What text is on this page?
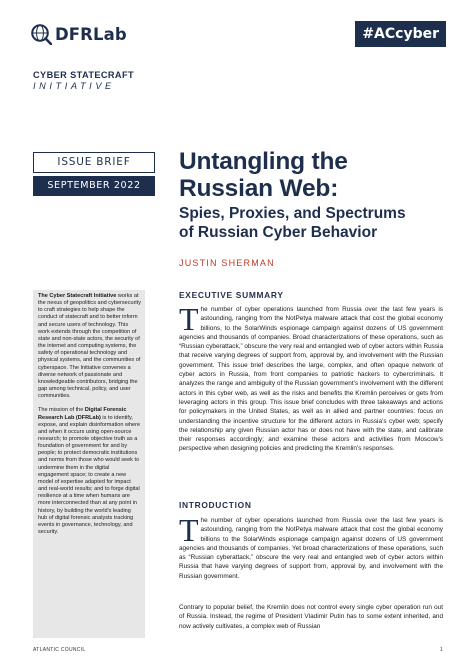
DFRLab	#ACcyber
CYBER STATECRAFT
INITIATIVE
ISSUE BRIEF
SEPTEMBER 2022
Untangling the
Russian Web:
Spies, Proxies, and Spectrums
of Russian Cyber Behavior
JUSTIN SHERMAN

The Cyber Statecraft Initiative works at the nexus of geopolitics and cybersecurity to craft strategies to help shape the conduct of statecraft and to better inform and secure users of technology. This work extends through the competition of state and non-state actors, the security of the internet and computing systems, the safety of operational technology and physical systems, and the communities of cyberspace. The Initiative convenes a diverse network of passionate and knowledgeable contributors, bridging the gap among technical, policy, and user communities.

The mission of the Digital Forensic Research Lab (DFRLab) is to identify, expose, and explain disinformation where and when it occurs using open-source research; to promote objective truth as a foundation of government for and by people; to protect democratic institutions and norms from those who would seek to undermine them in the digital engagement space; to create a new model of expertise adapted for impact and real-world results; and to forge digital resilience at a time when humans are more interconnected than at any point in history, by building the world's leading hub of digital forensic analysts tracking events in governance, technology, and security.

EXECUTIVE SUMMARY
The number of cyber operations launched from Russia over the last few years is astounding, ranging from the NotPetya malware attack that cost the global economy billions, to the SolarWinds espionage campaign against dozens of US government agencies and thousands of companies. Broad characterizations of these operations, such as “Russian cyberattack,” obscure the very real and entangled web of cyber actors within Russia that receive varying degrees of support from, approval by, and involvement with the Russian government. This issue brief describes the large, complex, and often opaque network of cyber actors in Russia, from front companies to patriotic hackers to cybercriminals. It analyzes the range and ambiguity of the Russian government’s involvement with the different actors in this cyber web, as well as the risks and benefits the Kremlin perceives or gets from leveraging actors in this group. This issue brief concludes with three takeaways and actions for policymakers in the United States, as well as in allied and partner countries: focus on understanding the incentive structure for the different actors in Russia’s cyber web; specify the relationship any given Russian actor has or does not have with the state, and calibrate their responses accordingly; and examine these actors and activities from Moscow’s perspective when designing policies and predicting the Kremlin’s responses.
INTRODUCTION
The number of cyber operations launched from Russia over the last few years is astounding, ranging from the NotPetya malware attack that cost the global economy billions to the SolarWinds espionage campaign against dozens of US government agencies and thousands of companies. Yet broad characterizations of these operations, such as “Russian cyberattack,” obscure the very real and entangled web of cyber actors within Russia that have varying degrees of support from, approval by, and involvement with the Russian government.
Contrary to popular belief, the Kremlin does not control every single cyber operation run out of Russia. Instead, the regime of President Vladimir Putin has to some extent inherited, and now actively cultivates, a complex web of Russian
ATLANTIC COUNCIL	1
